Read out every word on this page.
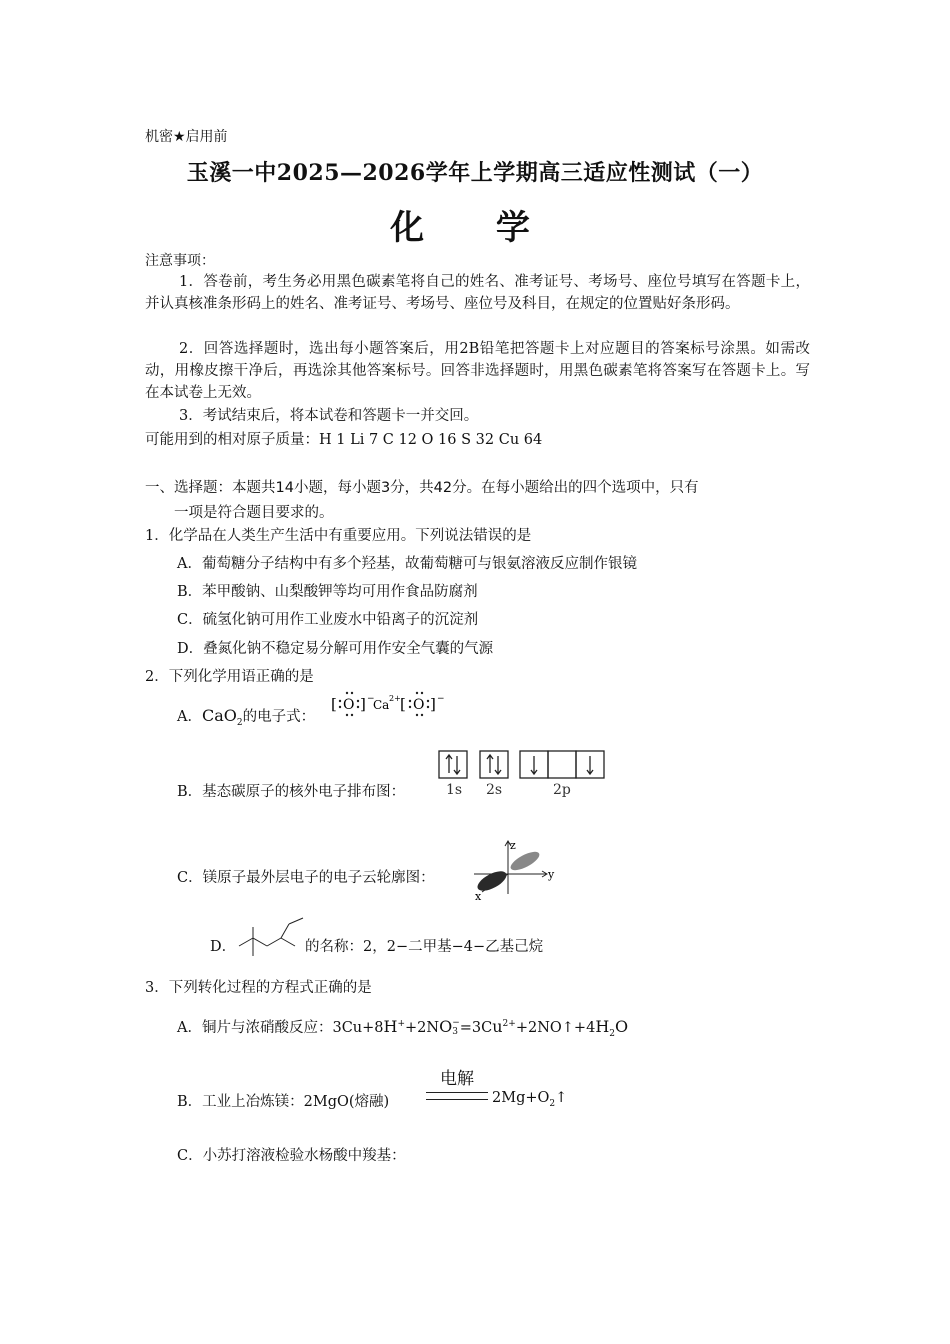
机密★启用前
玉溪一中2025—2026学年上学期高三适应性测试（一）
化 学
注意事项：
1．答卷前，考生务必用黑色碳素笔将自己的姓名、准考证号、考场号、座位号填写在答题卡上，并认真核准条形码上的姓名、准考证号、考场号、座位号及科目，在规定的位置贴好条形码。
2．回答选择题时，选出每小题答案后，用2B铅笔把答题卡上对应题目的答案标号涂黑。如需改动，用橡皮擦干净后，再选涂其他答案标号。回答非选择题时，用黑色碳素笔将答案写在答题卡上。写在本试卷上无效。
3．考试结束后，将本试卷和答题卡一并交回。
可能用到的相对原子质量：H 1 Li 7 C 12 O 16 S 32 Cu 64
一、选择题：本题共14小题，每小题3分，共42分。在每小题给出的四个选项中，只有
一项是符合题目要求的。
1．化学品在人类生产生活中有重要应用。下列说法错误的是
A．葡萄糖分子结构中有多个羟基，故葡萄糖可与银氨溶液反应制作银镜
B．苯甲酸钠、山梨酸钾等均可用作食品防腐剂
C．硫氢化钠可用作工业废水中铅离子的沉淀剂
D．叠氮化钠不稳定易分解可用作安全气囊的气源
2．下列化学用语正确的是
A．CaO$_2$的电子式：
[ O ] −
Ca 2+ [ O ] −
B．基态碳原子的核外电子排布图：	1s 2s	2p
C．镁原子最外层电子的电子云轮廓图：
z
y
x
D．	的名称：2，2−二甲基−4−乙基己烷
3．下列转化过程的方程式正确的是
A．铜片与浓硝酸反应：3Cu+8H++2NO −
$3 =3Cu^{2+}+2NO↑+4H_2O$
B．工业上冶炼镁：2MgO(熔融)
电解
$2Mg+O_2↑$
C．小苏打溶液检验水杨酸中羧基：
